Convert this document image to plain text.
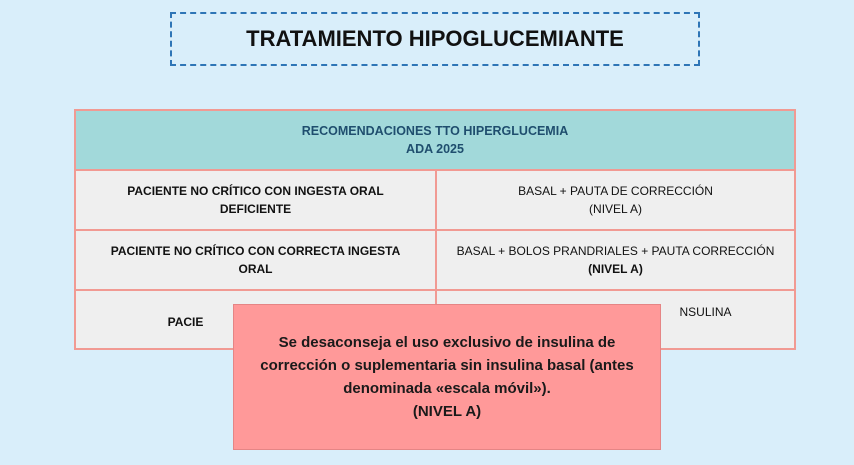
TRATAMIENTO HIPOGLUCEMIANTE
RECOMENDACIONES TTO HIPERGLUCEMIA
ADA 2025
PACIENTE NO CRÍTICO CON INGESTA ORAL DEFICIENTE
BASAL + PAUTA DE CORRECCIÓN
(NIVEL A)
PACIENTE NO CRÍTICO CON CORRECTA INGESTA ORAL
BASAL + BOLOS PRANDRIALES + PAUTA CORRECCIÓN
(NIVEL A)
PACIE
NSULINA
Se desaconseja el uso exclusivo de insulina de
corrección o suplementaria sin insulina basal (antes
denominada «escala móvil»).
(NIVEL A)
